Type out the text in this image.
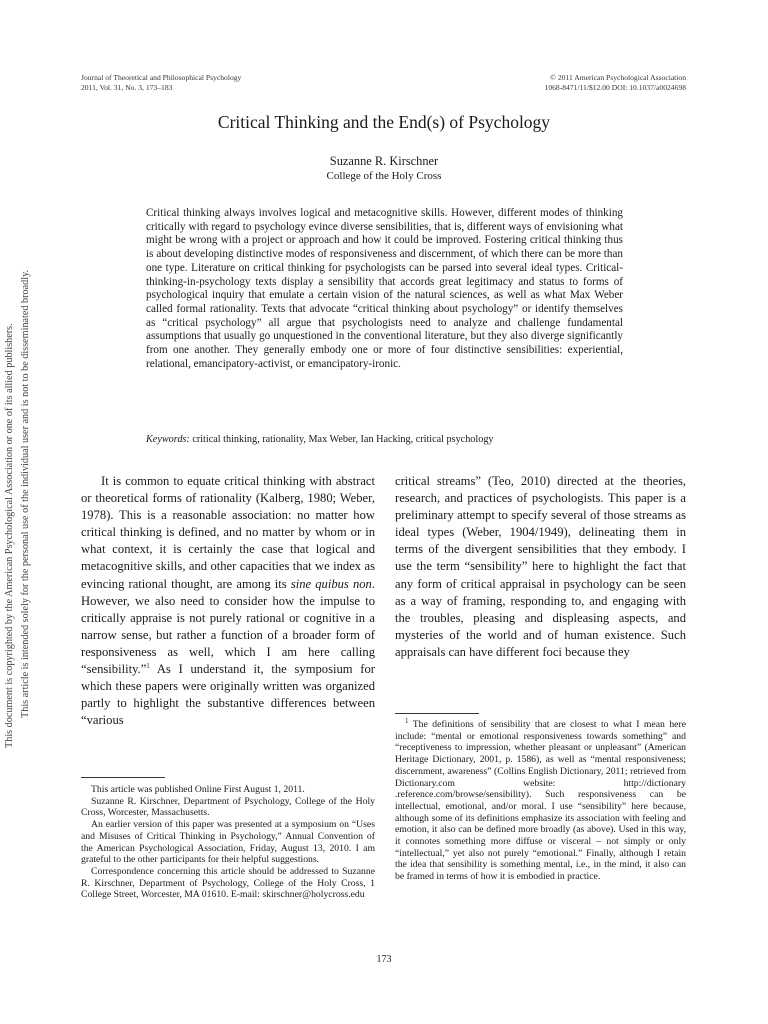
Journal of Theoretical and Philosophical Psychology
2011, Vol. 31, No. 3, 173–183
© 2011 American Psychological Association
1068-8471/11/$12.00 DOI: 10.1037/a0024698
Critical Thinking and the End(s) of Psychology
Suzanne R. Kirschner
College of the Holy Cross

Critical thinking always involves logical and metacognitive skills. However, different modes of thinking critically with regard to psychology evince diverse sensibilities, that is, different ways of envisioning what might be wrong with a project or approach and how it could be improved. Fostering critical thinking thus is about developing distinctive modes of responsiveness and discernment, of which there can be more than one type. Literature on critical thinking for psychologists can be parsed into several ideal types. Critical-thinking-in-psychology texts display a sensibility that accords great legitimacy and status to forms of psychological inquiry that emulate a certain vision of the natural sciences, as well as what Max Weber called formal rationality. Texts that advocate “critical thinking about psychology” or identify themselves as “critical psychology” all argue that psychologists need to analyze and challenge fundamental assumptions that usually go unquestioned in the conventional literature, but they also diverge significantly from one another. They generally embody one or more of four distinctive sensibilities: experiential, relational, emancipatory-activist, or emancipatory-ironic.

Keywords: critical thinking, rationality, Max Weber, Ian Hacking, critical psychology

It is common to equate critical thinking with abstract or theoretical forms of rationality (Kalberg, 1980; Weber, 1978). This is a reasonable association: no matter how critical thinking is defined, and no matter by whom or in what context, it is certainly the case that logical and metacognitive skills, and other capacities that we index as evincing rational thought, are among its sine quibus non. However, we also need to consider how the impulse to critically appraise is not purely rational or cognitive in a narrow sense, but rather a function of a broader form of responsiveness as well, which I am here calling “sensibility.”$^1$ As I understand it, the symposium for which these papers were originally written was organized partly to highlight the substantive differences between “various

critical streams” (Teo, 2010) directed at the theories, research, and practices of psychologists. This paper is a preliminary attempt to specify several of those streams as ideal types (Weber, 1904/1949), delineating them in terms of the divergent sensibilities that they embody. I use the term “sensibility” here to highlight the fact that any form of critical appraisal in psychology can be seen as a way of framing, responding to, and engaging with the troubles, pleasing and displeasing aspects, and mysteries of the world and of human existence. Such appraisals can have different foci because they

This article was published Online First August 1, 2011.

Suzanne R. Kirschner, Department of Psychology, College of the Holy Cross, Worcester, Massachusetts.

An earlier version of this paper was presented at a symposium on “Uses and Misuses of Critical Thinking in Psychology,” Annual Convention of the American Psychological Association, Friday, August 13, 2010. I am grateful to the other participants for their helpful suggestions.

Correspondence concerning this article should be addressed to Suzanne R. Kirschner, Department of Psychology, College of the Holy Cross, 1 College Street, Worcester, MA 01610. E-mail: skirschner@holycross.edu

$^1$ The definitions of sensibility that are closest to what I mean here include: “mental or emotional responsiveness towards something” and “receptiveness to impression, whether pleasant or unpleasant” (American Heritage Dictionary, 2001, p. 1586), as well as “mental responsiveness; discernment, awareness” (Collins English Dictionary, 2011; retrieved from Dictionary.com website: http://dictionary .reference.com/browse/sensibility). Such responsiveness can be intellectual, emotional, and/or moral. I use “sensibility” here because, although some of its definitions emphasize its association with feeling and emotion, it also can be defined more broadly (as above). Used in this way, it connotes something more diffuse or visceral – not simply or only “intellectual,” yet also not purely “emotional.” Finally, although I retain the idea that sensibility is something mental, i.e., in the mind, it also can be framed in terms of how it is embodied in practice.

173
This document is copyrighted by the American Psychological Association or one of its allied publishers. This article is intended solely for the personal use of the individual user and is not to be disseminated broadly.
